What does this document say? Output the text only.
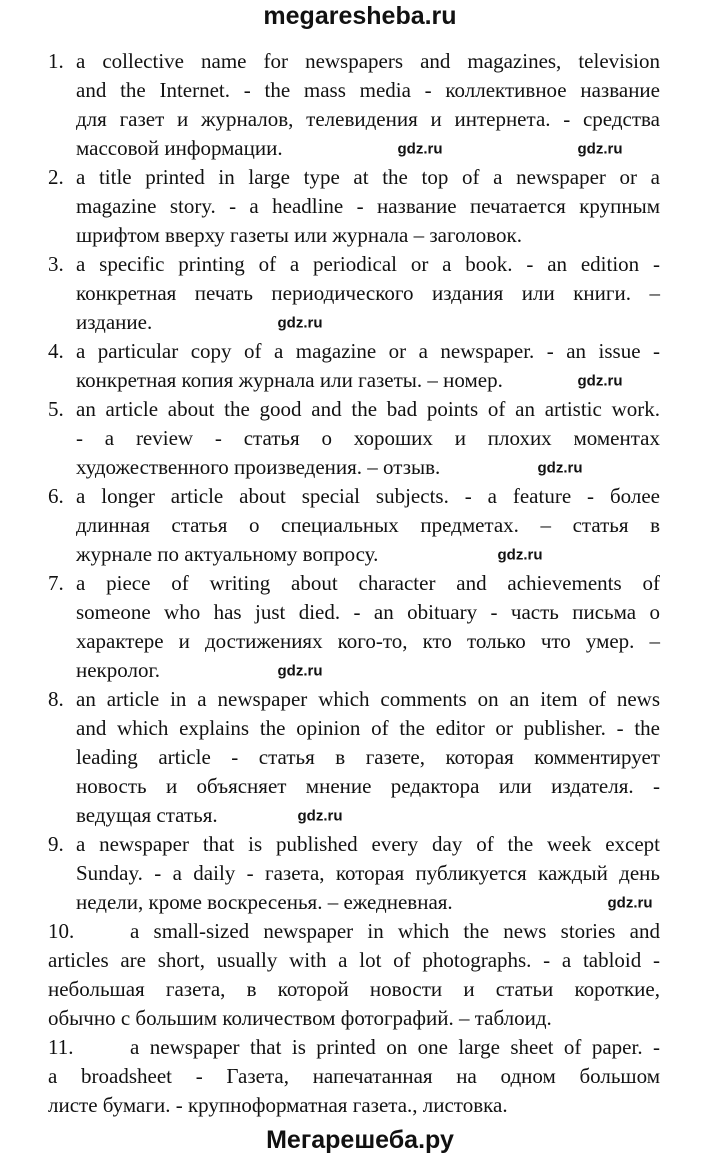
megaresheba.ru
1. a collective name for newspapers and magazines, television
and the Internet. - the mass media - коллективное название
для газет и журналов, телевидения и интернета. - средства
массовой информации.
2. a title printed in large type at the top of a newspaper or a
magazine story. - a headline - название печатается крупным
шрифтом вверху газеты или журнала – заголовок.
3. a specific printing of a periodical or a book. - an edition -
конкретная печать периодического издания или книги. –
издание.
4. a particular copy of a magazine or a newspaper. - an issue -
конкретная копия журнала или газеты. – номер.
5. an article about the good and the bad points of an artistic work.
- a review - статья о хороших и плохих моментах
художественного произведения. – отзыв.
6. a longer article about special subjects. - a feature - более
длинная статья о специальных предметах. – статья в
журнале по актуальному вопросу.
7. a piece of writing about character and achievements of
someone who has just died. - an obituary - часть письма о
характере и достижениях кого-то, кто только что умер. –
некролог.
8. an article in a newspaper which comments on an item of news
and which explains the opinion of the editor or publisher. - the
leading article - статья в газете, которая комментирует
новость и объясняет мнение редактора или издателя. -
ведущая статья.
9. a newspaper that is published every day of the week except
Sunday. - a daily - газета, которая публикуется каждый день
недели, кроме воскресенья. – ежедневная.
10.	a small-sized newspaper in which the news stories and
articles are short, usually with a lot of photographs. - a tabloid -
небольшая газета, в которой новости и статьи короткие,
обычно с большим количеством фотографий. – таблоид.
11.	a newspaper that is printed on one large sheet of paper. -
a broadsheet - Газета, напечатанная на одном большом
листе бумаги. - крупноформатная газета., листовка.
gdz.ru	gdz.ru
gdz.ru
gdz.ru
gdz.ru
gdz.ru
gdz.ru
gdz.ru
gdz.ru
Мегарешеба.ру
